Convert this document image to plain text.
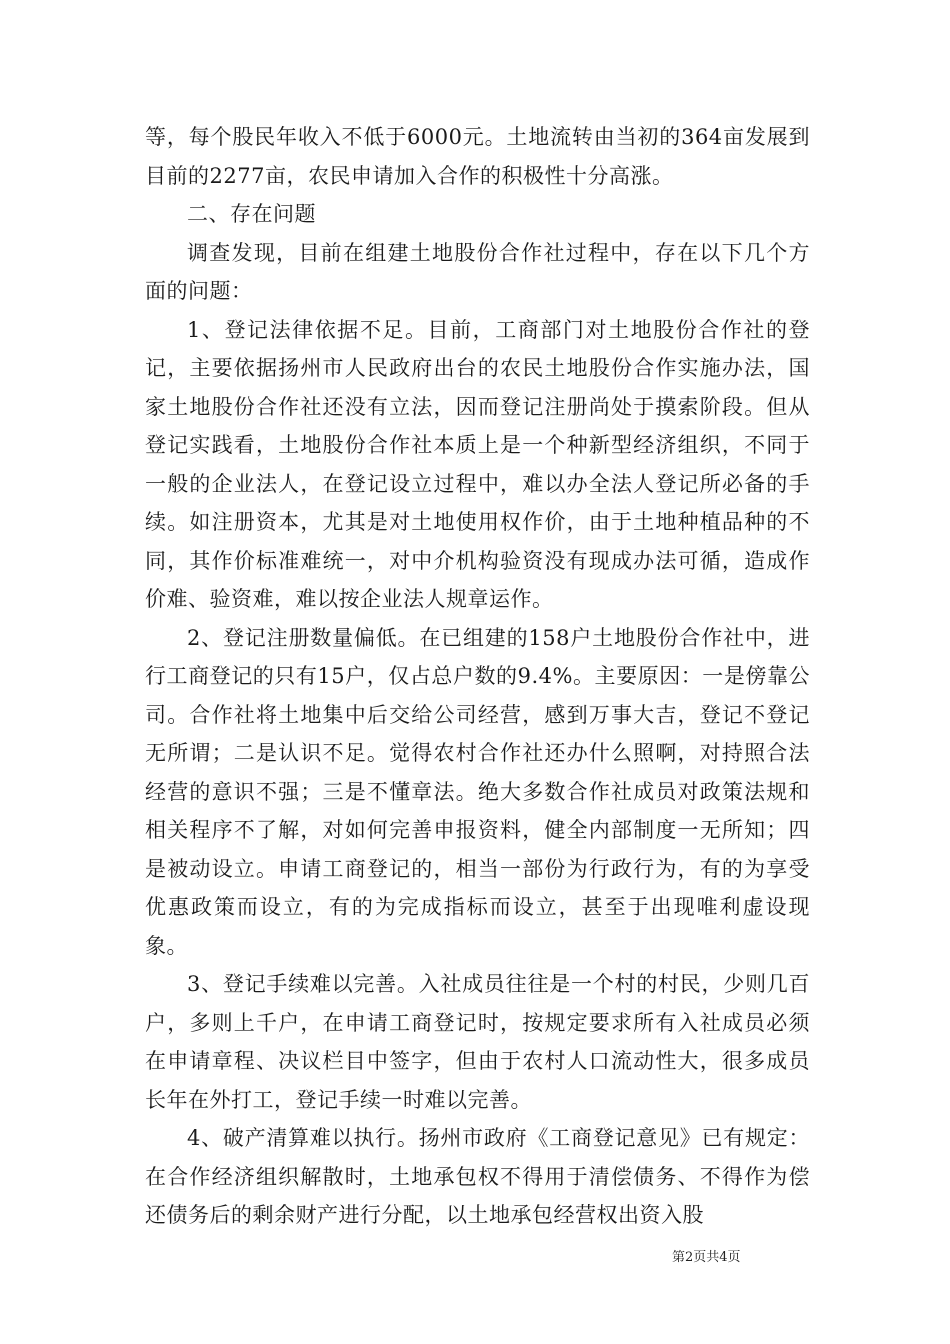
等，每个股民年收入不低于6000元。土地流转由当初的364亩发展到目前的2277亩，农民申请加入合作的积极性十分高涨。

二、存在问题

调查发现，目前在组建土地股份合作社过程中，存在以下几个方面的问题：

1、登记法律依据不足。目前，工商部门对土地股份合作社的登记，主要依据扬州市人民政府出台的农民土地股份合作实施办法，国家土地股份合作社还没有立法，因而登记注册尚处于摸索阶段。但从登记实践看，土地股份合作社本质上是一个种新型经济组织，不同于一般的企业法人，在登记设立过程中，难以办全法人登记所必备的手续。如注册资本，尤其是对土地使用权作价，由于土地种植品种的不同，其作价标准难统一，对中介机构验资没有现成办法可循，造成作价难、验资难，难以按企业法人规章运作。

2、登记注册数量偏低。在已组建的158户土地股份合作社中，进行工商登记的只有15户，仅占总户数的9.4%。主要原因：一是傍靠公司。合作社将土地集中后交给公司经营，感到万事大吉，登记不登记无所谓；二是认识不足。觉得农村合作社还办什么照啊，对持照合法经营的意识不强；三是不懂章法。绝大多数合作社成员对政策法规和相关程序不了解，对如何完善申报资料，健全内部制度一无所知；四是被动设立。申请工商登记的，相当一部份为行政行为，有的为享受优惠政策而设立，有的为完成指标而设立，甚至于出现唯利虚设现象。

3、登记手续难以完善。入社成员往往是一个村的村民，少则几百户，多则上千户，在申请工商登记时，按规定要求所有入社成员必须在申请章程、决议栏目中签字，但由于农村人口流动性大，很多成员长年在外打工，登记手续一时难以完善。

4、破产清算难以执行。扬州市政府《工商登记意见》已有规定：在合作经济组织解散时，土地承包权不得用于清偿债务、不得作为偿还债务后的剩余财产进行分配，以土地承包经营权出资入股

第2页共4页
